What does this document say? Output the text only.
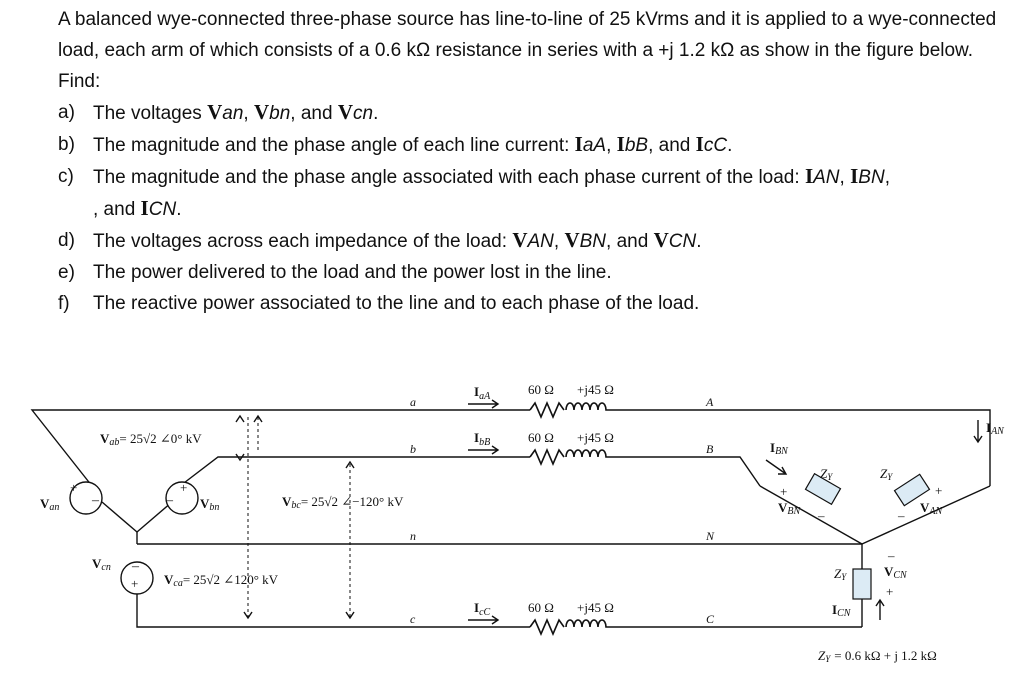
A balanced wye-connected three-phase source has line-to-line of 25 kVrms and it is applied to a wye-connected load, each arm of which consists of a 0.6 kΩ resistance in series with a +j 1.2 kΩ as show in the figure below. Find:

a) The voltages Van, Vbn, and Vcn.

b) The magnitude and the phase angle of each line current: IaA, IbB, and IcC.

c) The magnitude and the phase angle associated with each phase current of the load: IAN, IBN,
, and ICN.

d) The voltages across each impedance of the load: VAN, VBN, and VCN.

e) The power delivered to the load and the power lost in the line.

f) The reactive power associated to the line and to each phase of the load.

+
–
+
–
–
+
$I_{aA}$
$I_{bB}$
$I_{cC}$
60 Ω +j45 Ω
60 Ω +j45 Ω
60 Ω +j45 Ω
a
b
n
c
A
B
N
C
Van	Vbn
Vcn
Vab= 25√2 ∠0° kV
Vbc= 25√2 ∠−120° kV
Vca= 25√2 ∠120° kV
ZY	ZY
ZY
IAN
IBN
ICN
VAN
VBN
VCN
+
–
+
–
–
+
ZY = 0.6 kΩ + j 1.2 kΩ
